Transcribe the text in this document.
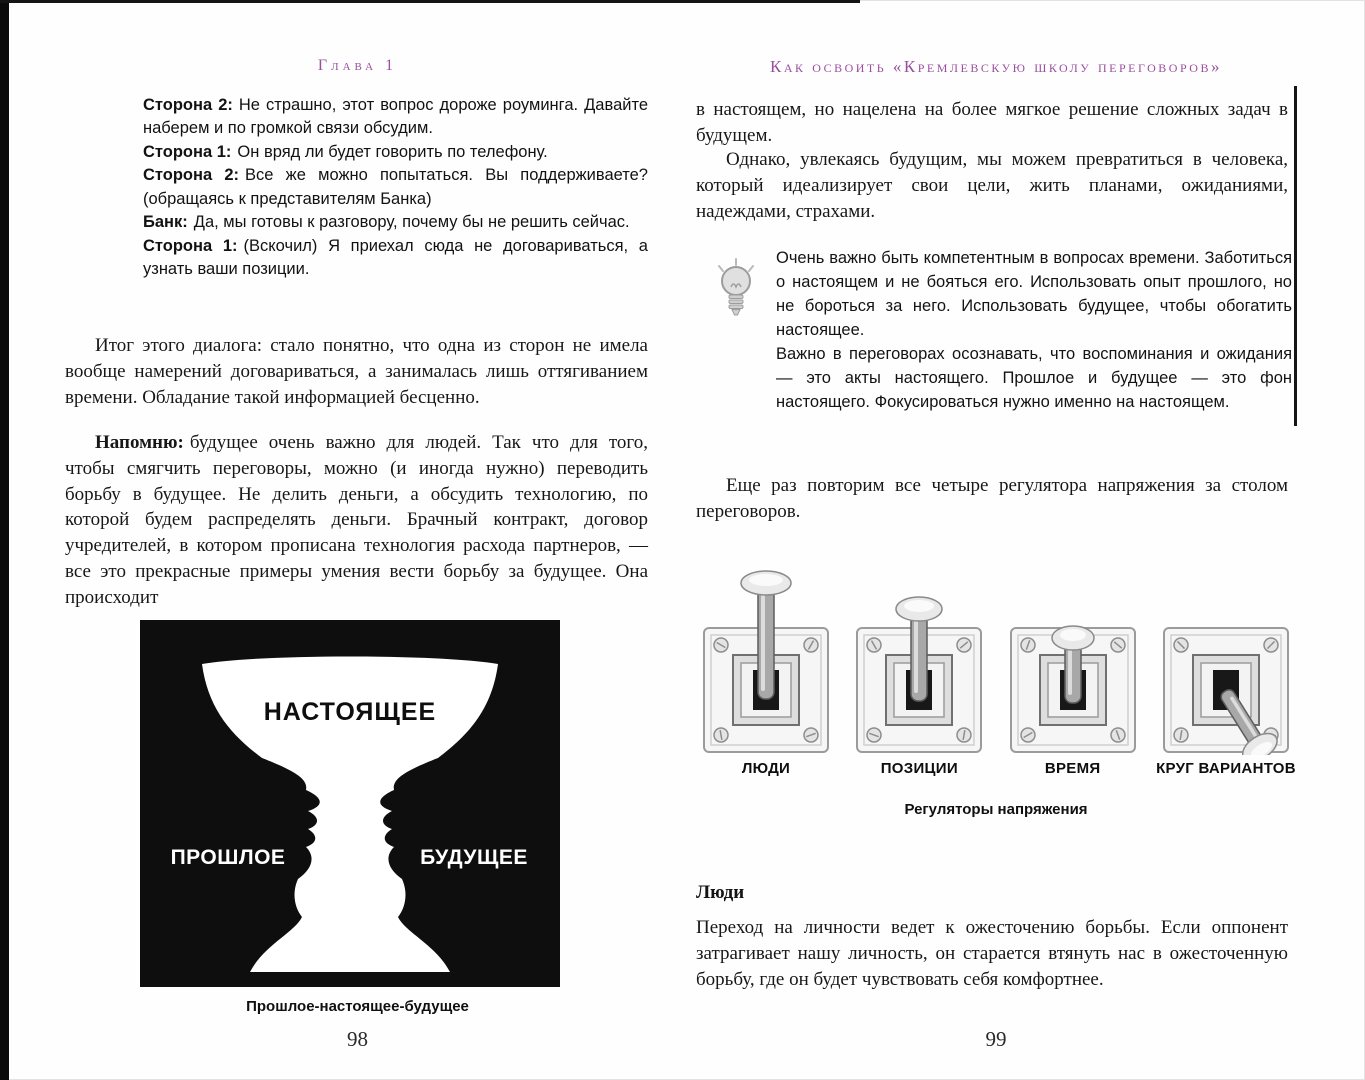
Глава 1

Сторона 2: Не страшно, этот вопрос дороже роуминга. Давайте наберем и по громкой связи обсудим.

Сторона 1: Он вряд ли будет говорить по телефону.

Сторона 2: Все же можно попытаться. Вы поддерживаете? (обращаясь к представителям Банка)

Банк: Да, мы готовы к разговору, почему бы не решить сейчас.

Сторона 1: (Вскочил) Я приехал сюда не договариваться, а узнать ваши позиции.

Итог этого диалога: стало понятно, что одна из сторон не имела вообще намерений договариваться, а занималась лишь оттягиванием времени. Обладание такой информацией бесценно.

Напомню: будущее очень важно для людей. Так что для того, чтобы смягчить переговоры, можно (и иногда нужно) переводить борьбу в будущее. Не делить деньги, а обсудить технологию, по которой будем распределять деньги. Брачный контракт, договор учредителей, в котором прописана технология расхода партнеров, — все это прекрасные примеры умения вести борьбу за будущее. Она происходит

НАСТОЯЩЕЕ
ПРОШЛОЕ	БУДУЩЕЕ
Прошлое-настоящее-будущее
98
Как освоить «Кремлевскую школу переговоров»

в настоящем, но нацелена на более мягкое решение сложных задач в будущем.

Однако, увлекаясь будущим, мы можем превратиться в человека, который идеализирует свои цели, жить планами, ожиданиями, надеждами, страхами.

Очень важно быть компетентным в вопросах времени. Заботиться о настоящем и не бояться его. Использовать опыт прошлого, но не бороться за него. Использовать будущее, чтобы обогатить настоящее.

Важно в переговорах осознавать, что воспоминания и ожидания — это акты настоящего. Прошлое и будущее — это фон настоящего. Фокусироваться нужно именно на настоящем.

Еще раз повторим все четыре регулятора напряжения за столом переговоров.

ЛЮДИ	ПОЗИЦИИ	ВРЕМЯ	КРУГ ВАРИАНТОВ
Регуляторы напряжения
Люди

Переход на личности ведет к ожесточению борьбы. Если оппонент затрагивает нашу личность, он старается втянуть нас в ожесточенную борьбу, где он будет чувствовать себя комфортнее.

99
